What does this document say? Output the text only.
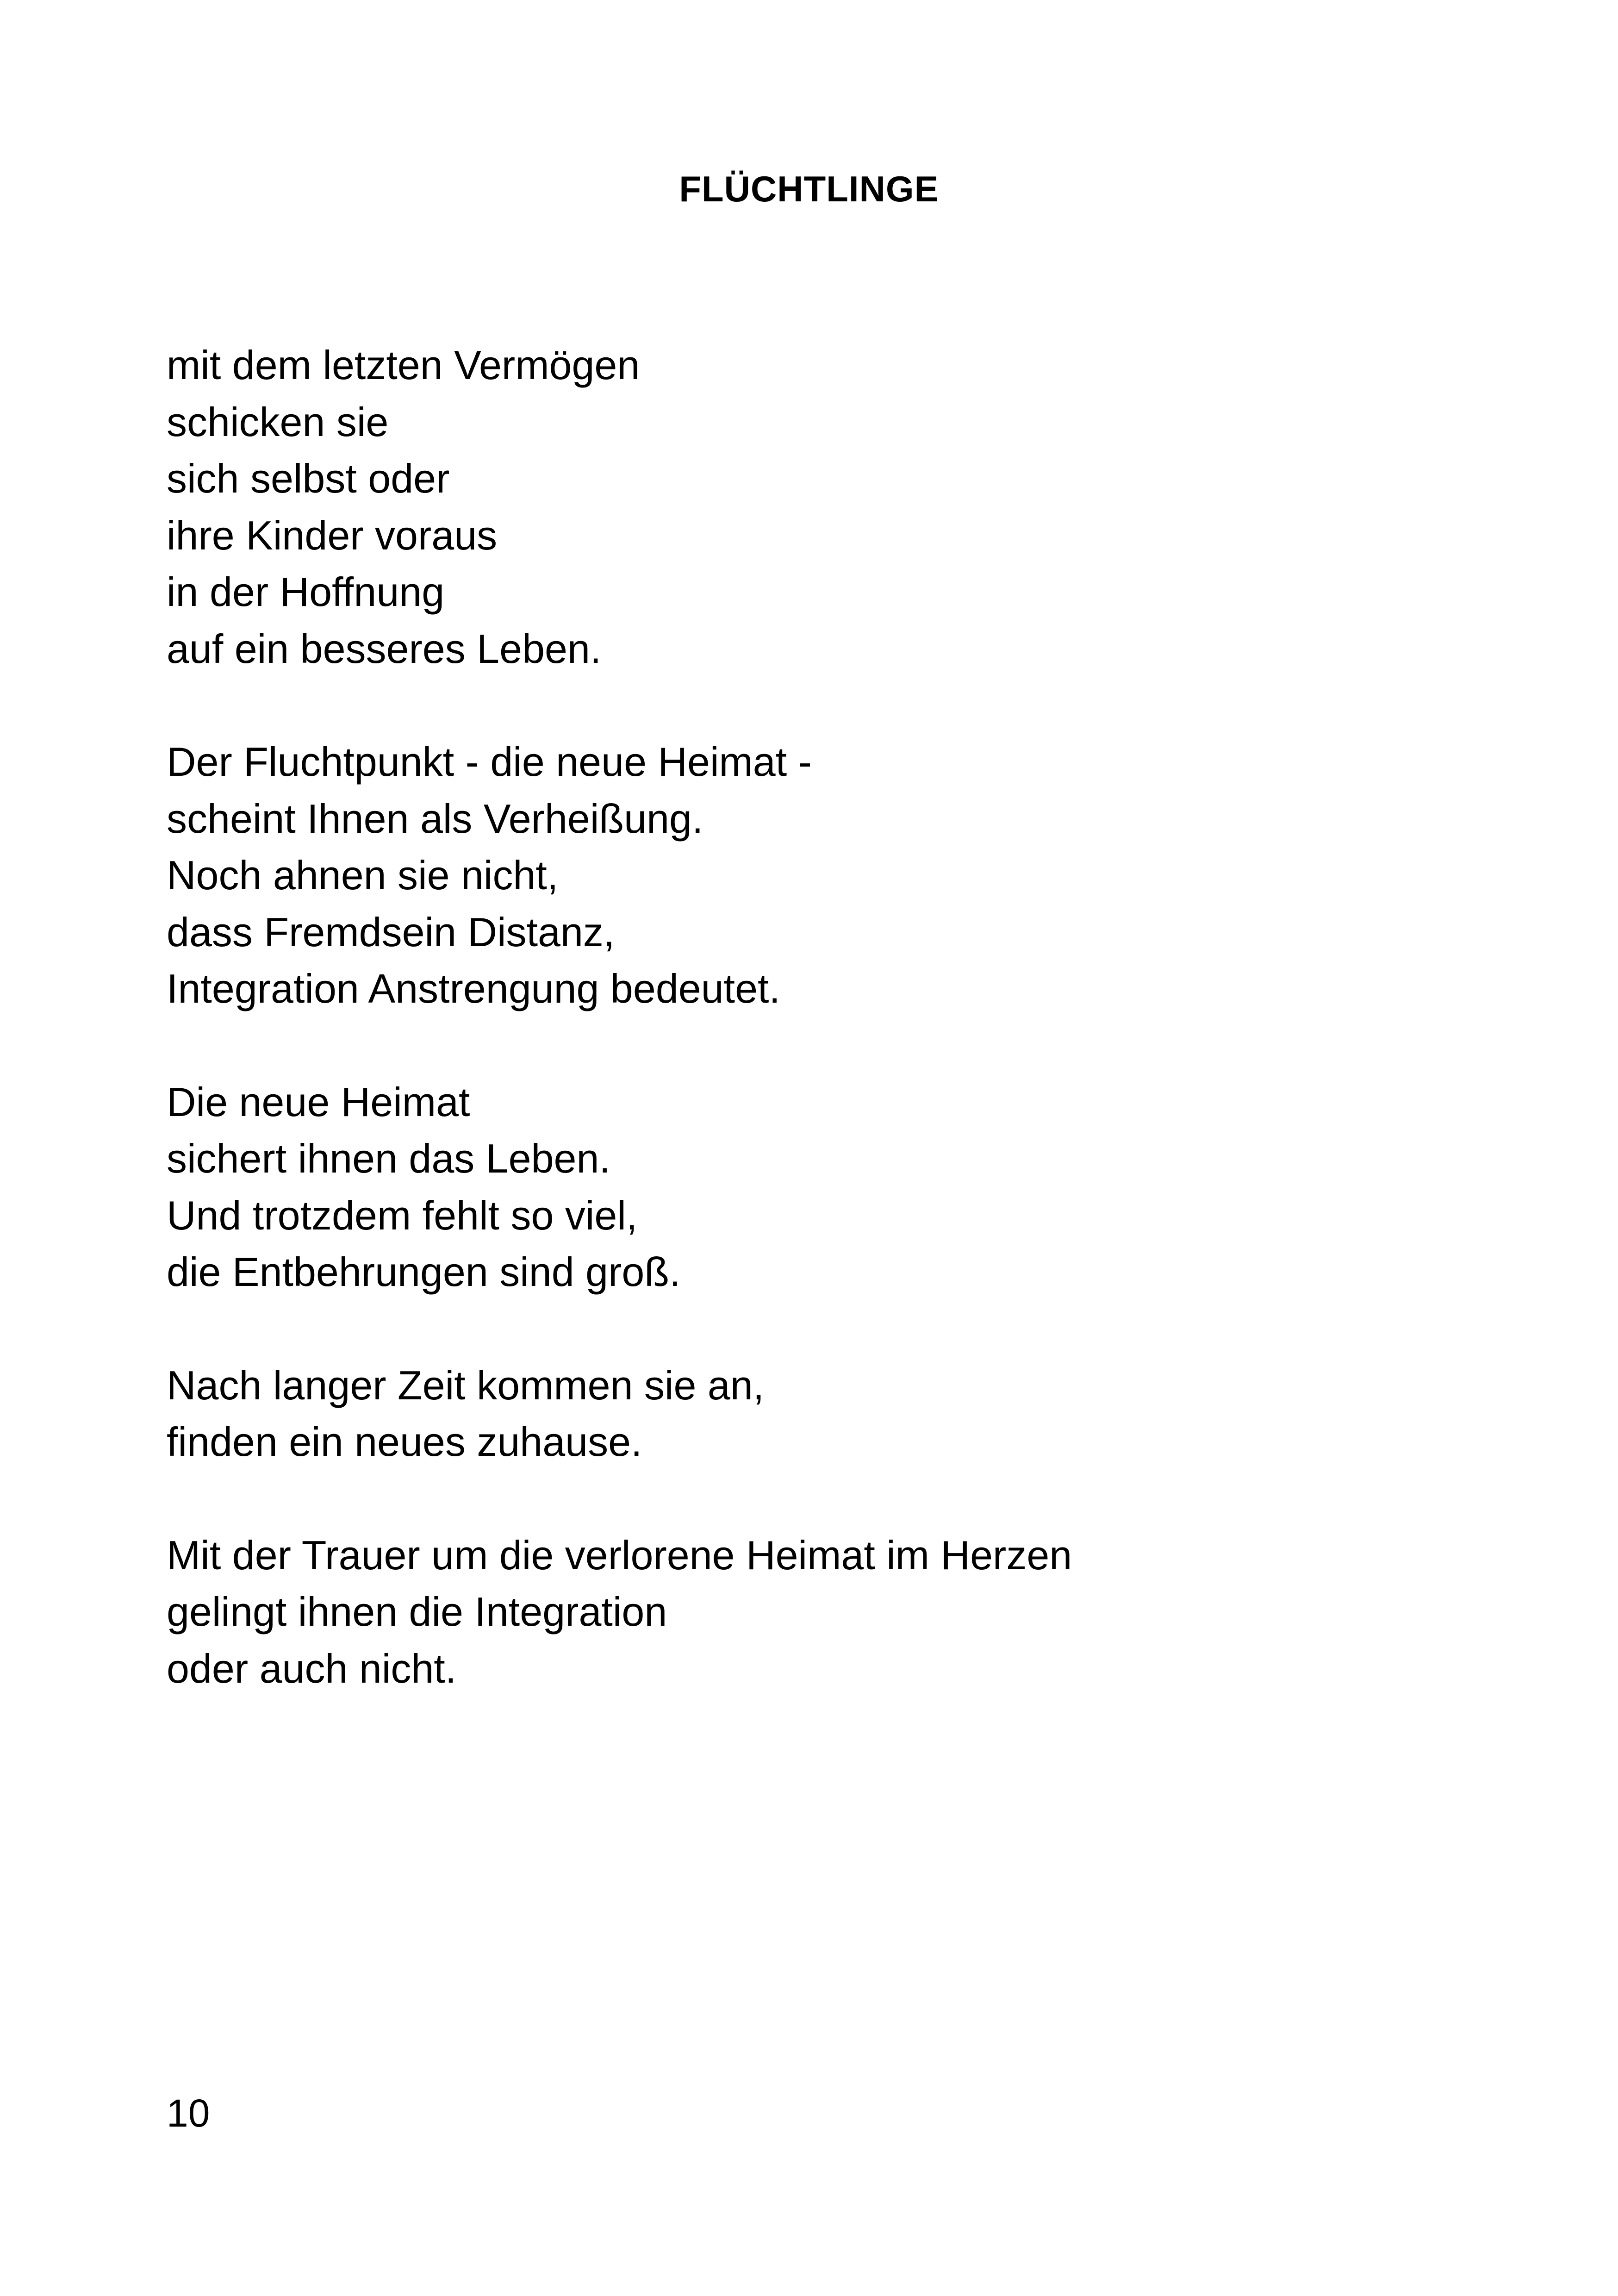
FLÜCHTLINGE
mit dem letzten Vermögen
schicken sie
sich selbst oder
ihre Kinder voraus
in der Hoffnung
auf ein besseres Leben.
Der Fluchtpunkt - die neue Heimat -
scheint Ihnen als Verheißung.
Noch ahnen sie nicht,
dass Fremdsein Distanz,
Integration Anstrengung bedeutet.
Die neue Heimat
sichert ihnen das Leben.
Und trotzdem fehlt so viel,
die Entbehrungen sind groß.
Nach langer Zeit kommen sie an,
finden ein neues zuhause.
Mit der Trauer um die verlorene Heimat im Herzen
gelingt ihnen die Integration
oder auch nicht.
10
